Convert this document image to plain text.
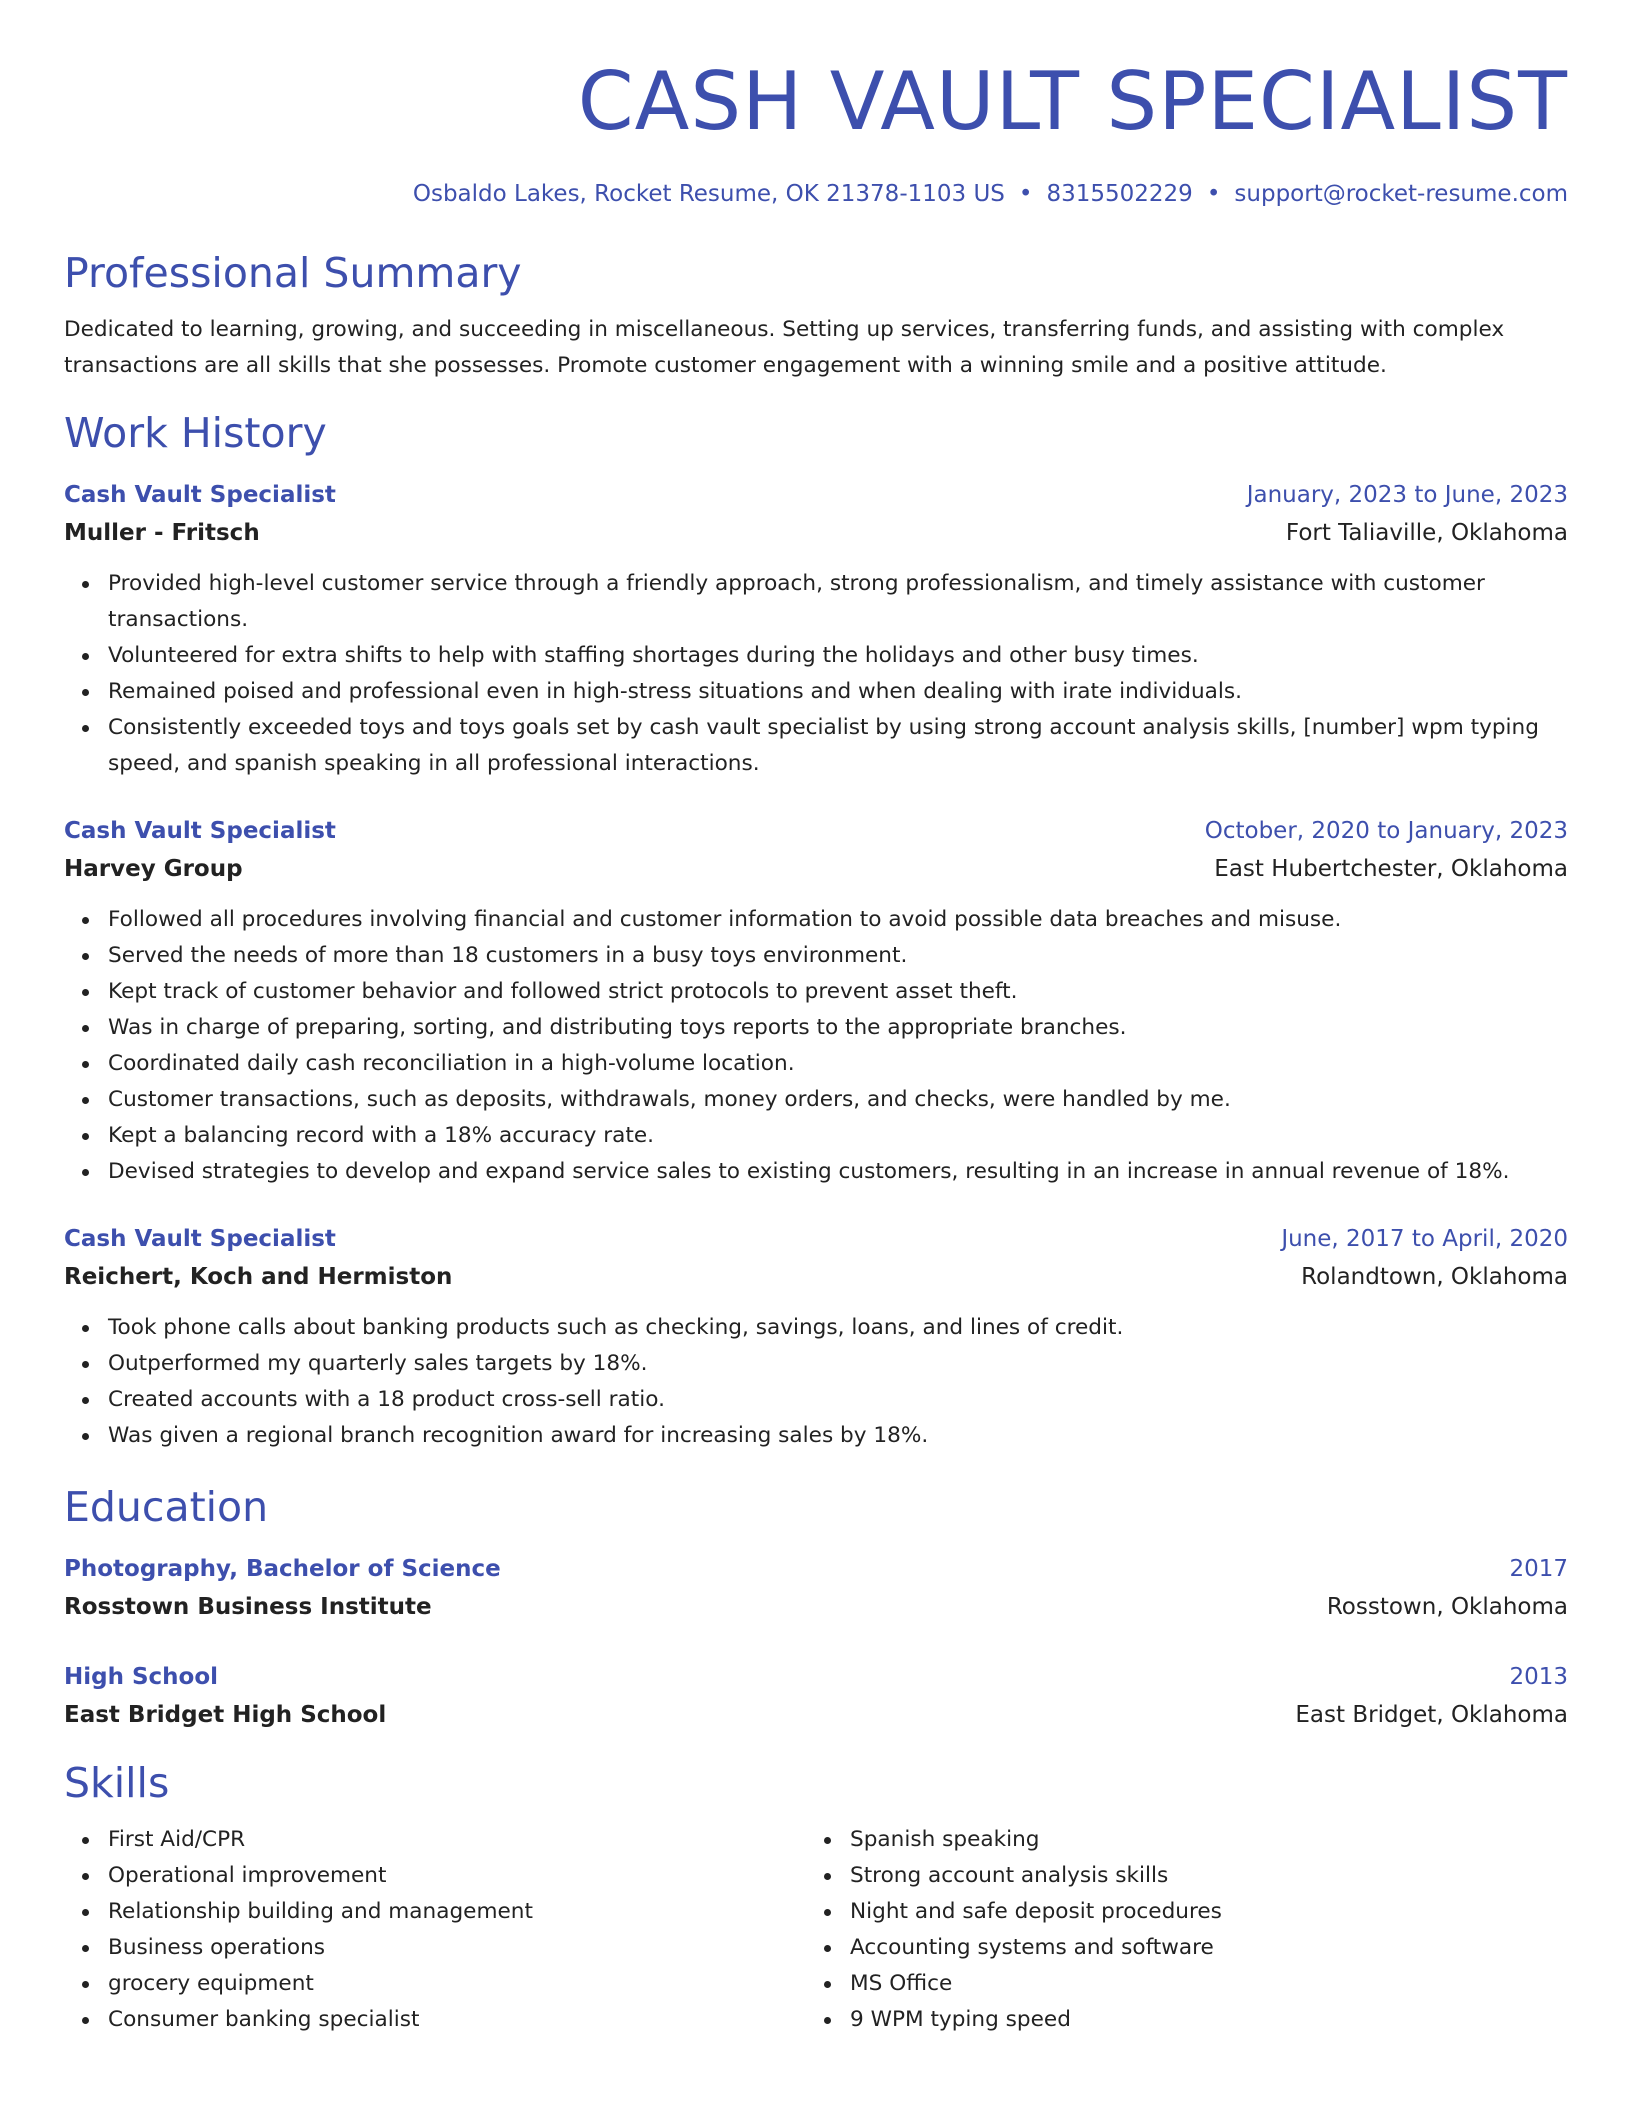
CASH VAULT SPECIALIST
Osbaldo Lakes, Rocket Resume, OK 21378-1103 US • 8315502229 • support@rocket-resume.com
Professional Summary

Dedicated to learning, growing, and succeeding in miscellaneous. Setting up services, transferring funds, and assisting with complex transactions are all skills that she possesses. Promote customer engagement with a winning smile and a positive attitude.

Work History
Cash Vault Specialist	January, 2023 to June, 2023
Muller - Fritsch	Fort Taliaville, Oklahoma
Provided high-level customer service through a friendly approach, strong professionalism, and timely assistance with customer transactions.
Volunteered for extra shifts to help with staffing shortages during the holidays and other busy times.
Remained poised and professional even in high-stress situations and when dealing with irate individuals.
Consistently exceeded toys and toys goals set by cash vault specialist by using strong account analysis skills, [number] wpm typing speed, and spanish speaking in all professional interactions.
Cash Vault Specialist	October, 2020 to January, 2023
Harvey Group	East Hubertchester, Oklahoma
Followed all procedures involving financial and customer information to avoid possible data breaches and misuse.
Served the needs of more than 18 customers in a busy toys environment.
Kept track of customer behavior and followed strict protocols to prevent asset theft.
Was in charge of preparing, sorting, and distributing toys reports to the appropriate branches.
Coordinated daily cash reconciliation in a high-volume location.
Customer transactions, such as deposits, withdrawals, money orders, and checks, were handled by me.
Kept a balancing record with a 18% accuracy rate.
Devised strategies to develop and expand service sales to existing customers, resulting in an increase in annual revenue of 18%.
Cash Vault Specialist	June, 2017 to April, 2020
Reichert, Koch and Hermiston	Rolandtown, Oklahoma
Took phone calls about banking products such as checking, savings, loans, and lines of credit.
Outperformed my quarterly sales targets by 18%.
Created accounts with a 18 product cross-sell ratio.
Was given a regional branch recognition award for increasing sales by 18%.
Education
Photography, Bachelor of Science	2017
Rosstown Business Institute	Rosstown, Oklahoma
High School	2013
East Bridget High School	East Bridget, Oklahoma
Skills
First Aid/CPR
Operational improvement
Relationship building and management
Business operations
grocery equipment
Consumer banking specialist
Spanish speaking
Strong account analysis skills
Night and safe deposit procedures
Accounting systems and software
MS Office
9 WPM typing speed
